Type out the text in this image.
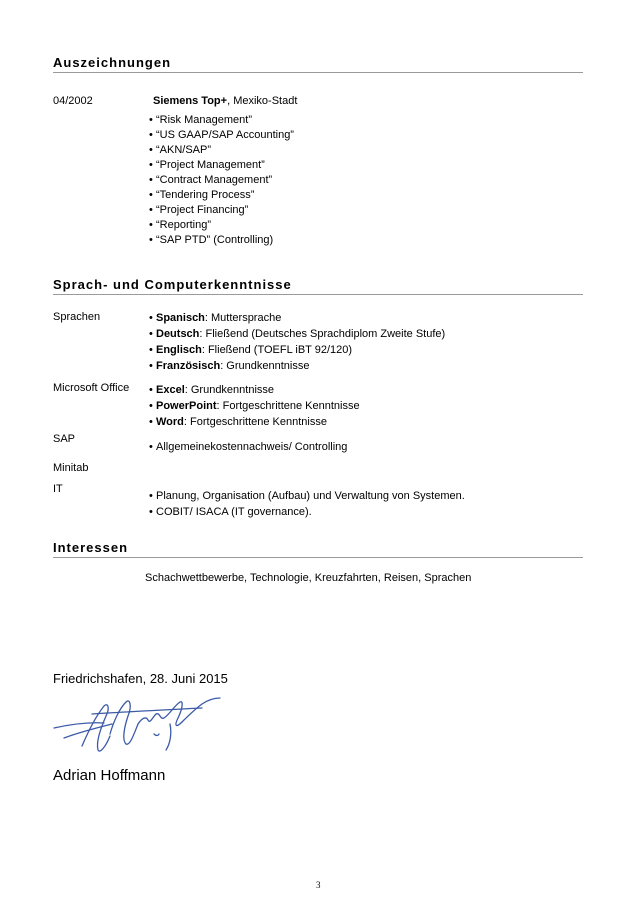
Auszeichnungen
04/2002	Siemens Top+, Mexiko-Stadt
• “Risk Management”
• “US GAAP/SAP Accounting”
• “AKN/SAP”
• “Project Management”
• “Contract Management”
• “Tendering Process”
• “Project Financing”
• “Reporting”
• “SAP PTD” (Controlling)
Sprach- und Computerkenntnisse
Sprachen	• Spanisch: Muttersprache
• Deutsch: Fließend (Deutsches Sprachdiplom Zweite Stufe)
• Englisch: Fließend (TOEFL iBT 92/120)
• Französisch: Grundkenntnisse
Microsoft Office • Excel: Grundkenntnisse
• PowerPoint: Fortgeschrittene Kenntnisse
• Word: Fortgeschrittene Kenntnisse
SAP
• Allgemeinekostennachweis/ Controlling
Minitab
IT
• Planung, Organisation (Aufbau) und Verwaltung von Systemen.
• COBIT/ ISACA (IT governance).
Interessen
Schachwettbewerbe, Technologie, Kreuzfahrten, Reisen, Sprachen
Friedrichshafen, 28. Juni 2015
Adrian Hoffmann
3
